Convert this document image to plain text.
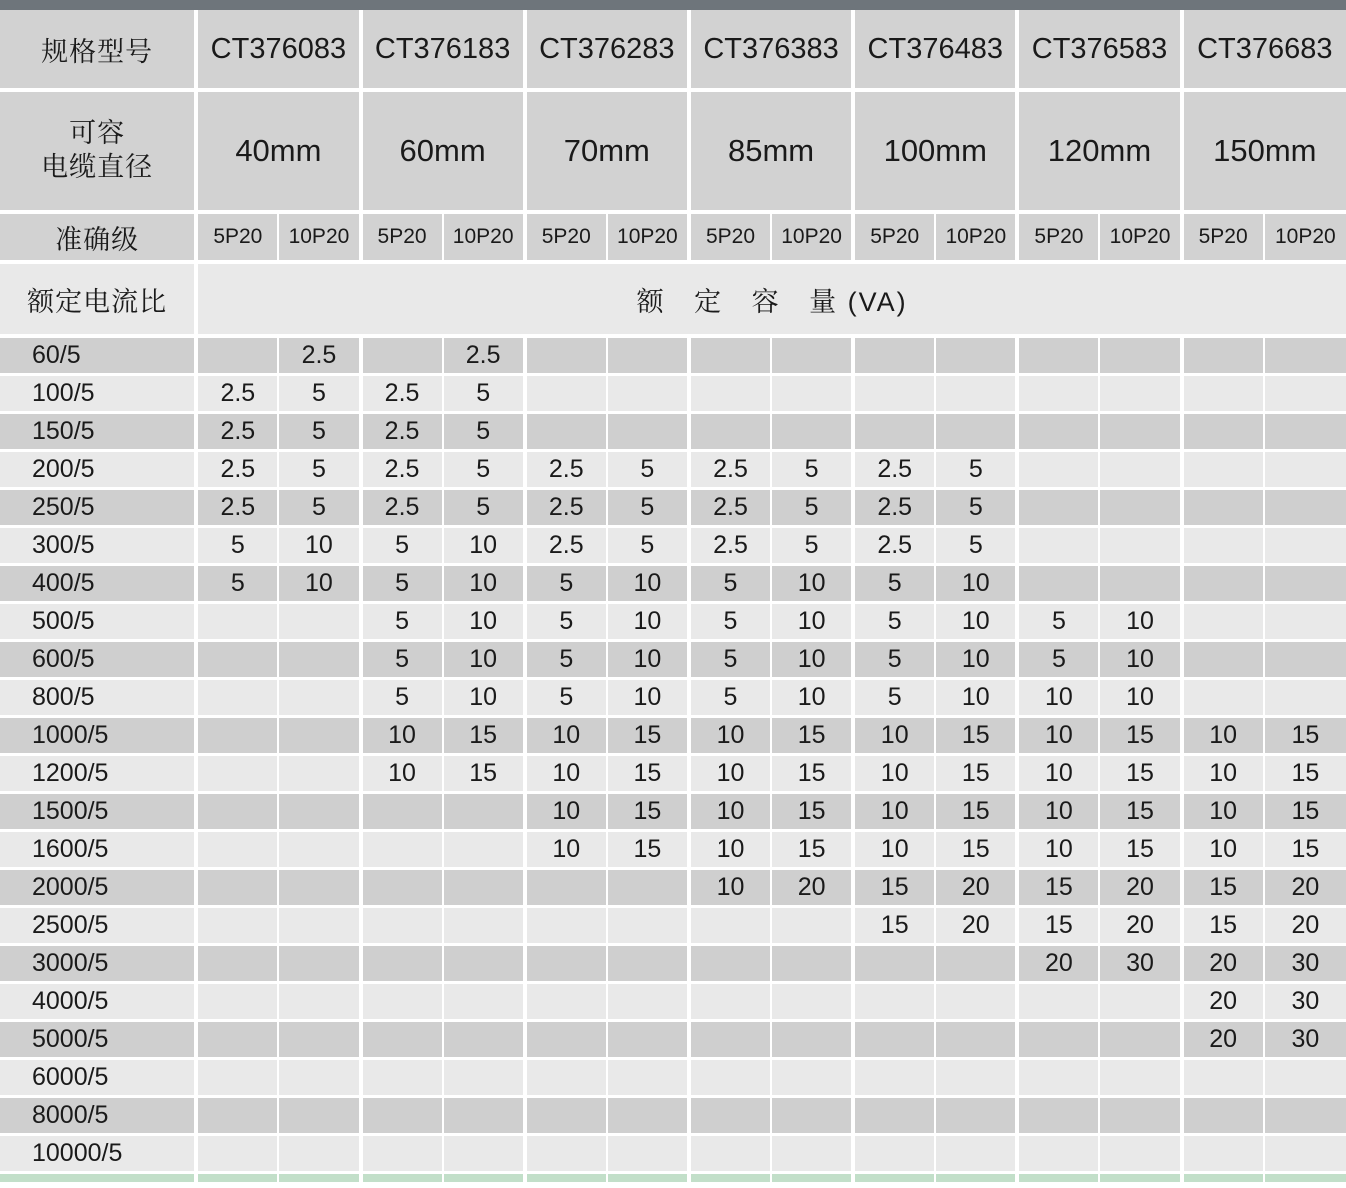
规格型号	CT376083		CT376183		CT376283		CT376383		CT376483		CT376583		CT376683	
可容
电缆直径	40mm		60mm		70mm		85mm		100mm		120mm		150mm	
准确级	5P20	10P20	5P20	10P20	5P20	10P20	5P20	10P20	5P20	10P20	5P20	10P20	5P20	10P20
额定电流比	额   定   容   量 (VA)													
60/5		2.5		2.5										
100/5	2.5	5	2.5	5										
150/5	2.5	5	2.5	5										
200/5	2.5	5	2.5	5	2.5	5	2.5	5	2.5	5				
250/5	2.5	5	2.5	5	2.5	5	2.5	5	2.5	5				
300/5	5	10	5	10	2.5	5	2.5	5	2.5	5				
400/5	5	10	5	10	5	10	5	10	5	10				
500/5			5	10	5	10	5	10	5	10	5	10		
600/5			5	10	5	10	5	10	5	10	5	10		
800/5			5	10	5	10	5	10	5	10	10	10		
1000/5			10	15	10	15	10	15	10	15	10	15	10	15
1200/5			10	15	10	15	10	15	10	15	10	15	10	15
1500/5					10	15	10	15	10	15	10	15	10	15
1600/5					10	15	10	15	10	15	10	15	10	15
2000/5							10	20	15	20	15	20	15	20
2500/5									15	20	15	20	15	20
3000/5											20	30	20	30
4000/5													20	30
5000/5													20	30
6000/5														
8000/5														
10000/5														
